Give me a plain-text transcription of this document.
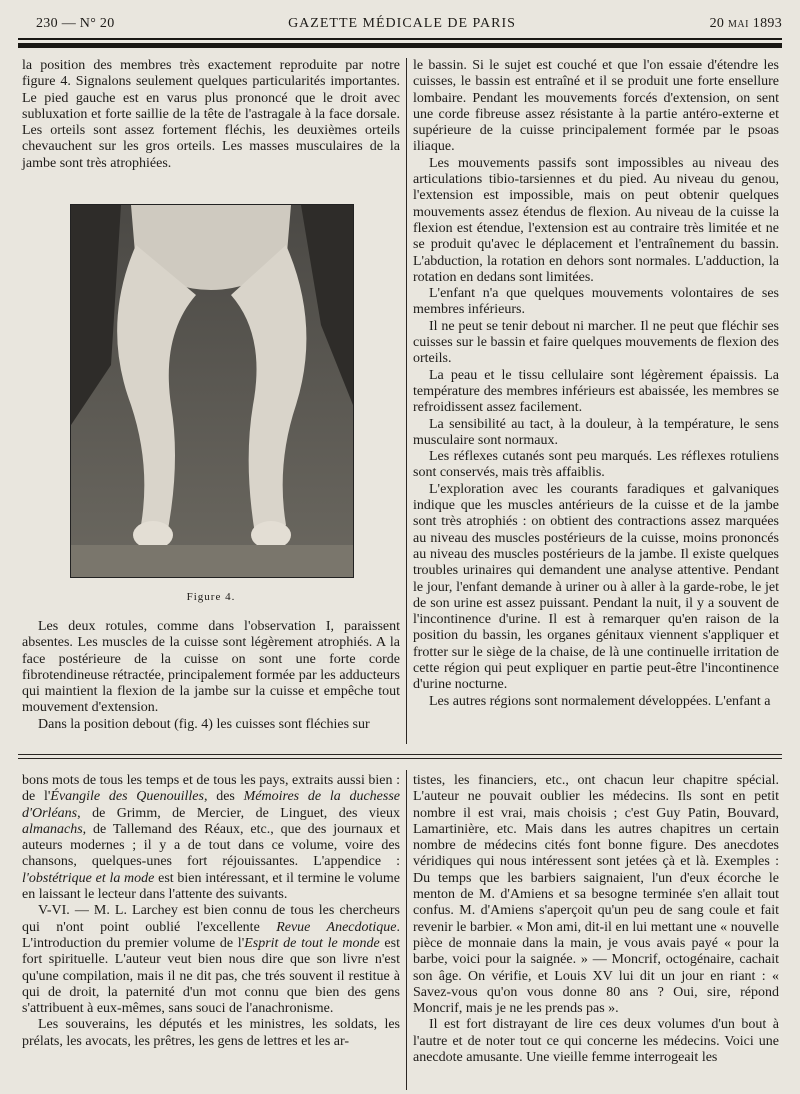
230 — N° 20	GAZETTE MÉDICALE DE PARIS	20 MAI 1893

la position des membres très exactement reproduite par notre figure 4. Signalons seulement quelques particularités importantes. Le pied gauche est en varus plus prononcé que le droit avec subluxation et forte saillie de la tête de l'astragale à la face dorsale. Les orteils sont assez fortement fléchis, les deuxièmes orteils chevauchent sur les gros orteils. Les masses musculaires de la jambe sont très atrophiées.

Figure 4.

Les deux rotules, comme dans l'observation I, paraissent absentes. Les muscles de la cuisse sont légèrement atrophiés. A la face postérieure de la cuisse on sont une forte corde fibrotendineuse rétractée, principalement formée par les adducteurs qui maintient la flexion de la jambe sur la cuisse et empêche tout mouvement d'extension.

Dans la position debout (fig. 4) les cuisses sont fléchies sur

le bassin. Si le sujet est couché et que l'on essaie d'étendre les cuisses, le bassin est entraîné et il se produit une forte ensellure lombaire. Pendant les mouvements forcés d'extension, on sent une corde fibreuse assez résistante à la partie antéro-externe et supérieure de la cuisse principalement formée par le psoas iliaque.

Les mouvements passifs sont impossibles au niveau des articulations tibio-tarsiennes et du pied. Au niveau du genou, l'extension est impossible, mais on peut obtenir quelques mouvements assez étendus de flexion. Au niveau de la cuisse la flexion est étendue, l'extension est au contraire très limitée et ne se produit qu'avec le déplacement et l'entraînement du bassin. L'abduction, la rotation en dehors sont normales. L'adduction, la rotation en dedans sont limitées.

L'enfant n'a que quelques mouvements volontaires de ses membres inférieurs.

Il ne peut se tenir debout ni marcher. Il ne peut que fléchir ses cuisses sur le bassin et faire quelques mouvements de flexion des orteils.

La peau et le tissu cellulaire sont légèrement épaissis. La température des membres inférieurs est abaissée, les membres se refroidissent assez facilement.

La sensibilité au tact, à la douleur, à la température, le sens musculaire sont normaux.

Les réflexes cutanés sont peu marqués. Les réflexes rotuliens sont conservés, mais très affaiblis.

L'exploration avec les courants faradiques et galvaniques indique que les muscles antérieurs de la cuisse et de la jambe sont très atrophiés : on obtient des contractions assez marquées au niveau des muscles postérieurs de la cuisse, moins prononcés au niveau des muscles postérieurs de la jambe. Il existe quelques troubles urinaires qui demandent une analyse attentive. Pendant le jour, l'enfant demande à uriner ou à aller à la garde-robe, le jet de son urine est assez puissant. Pendant la nuit, il y a souvent de l'incontinence d'urine. Il est à remarquer qu'en raison de la position du bassin, les organes génitaux viennent s'appliquer et frotter sur le siège de la chaise, de là une continuelle irritation de cette région qui peut expliquer en partie peut-être l'incontinence d'urine nocturne.

Les autres régions sont normalement développées. L'enfant a

bons mots de tous les temps et de tous les pays, extraits aussi bien : de l'Évangile des Quenouilles, des Mémoires de la duchesse d'Orléans, de Grimm, de Mercier, de Linguet, des vieux almanachs, de Tallemand des Réaux, etc., que des journaux et auteurs modernes ; il y a de tout dans ce volume, voire des chansons, quelques-unes fort réjouissantes. L'appendice : l'obstétrique et la mode est bien intéressant, et il termine le volume en laissant le lecteur dans l'attente des suivants.

V-VI. — M. L. Larchey est bien connu de tous les chercheurs qui n'ont point oublié l'excellente Revue Anecdotique. L'introduction du premier volume de l'Esprit de tout le monde est fort spirituelle. L'auteur veut bien nous dire que son livre n'est qu'une compilation, mais il ne dit pas, che trés souvent il restitue à qui de droit, la paternité d'un mot connu que bien des gens s'attribuent à eux-mêmes, sans souci de l'anachronisme.

Les souverains, les députés et les ministres, les soldats, les prélats, les avocats, les prêtres, les gens de lettres et les ar-

tistes, les financiers, etc., ont chacun leur chapitre spécial. L'auteur ne pouvait oublier les médecins. Ils sont en petit nombre il est vrai, mais choisis ; c'est Guy Patin, Bouvard, Lamartinière, etc. Mais dans les autres chapitres un certain nombre de médecins cités font bonne figure. Des anecdotes véridiques qui nous intéressent sont jetées çà et là. Exemples : Du temps que les barbiers saignaient, l'un d'eux écorche le menton de M. d'Amiens et sa besogne terminée s'en allait tout confus. M. d'Amiens s'aperçoit qu'un peu de sang coule et fait revenir le barbier. « Mon ami, dit-il en lui mettant une « nouvelle pièce de monnaie dans la main, je vous avais payé « pour la barbe, voici pour la saignée. » — Moncrif, octogénaire, cachait son âge. On vérifie, et Louis XV lui dit un jour en riant : « Savez-vous qu'on vous donne 80 ans ? Oui, sire, répond Moncrif, mais je ne les prends pas ».

Il est fort distrayant de lire ces deux volumes d'un bout à l'autre et de noter tout ce qui concerne les médecins. Voici une anecdote amusante. Une vieille femme interrogeait les
